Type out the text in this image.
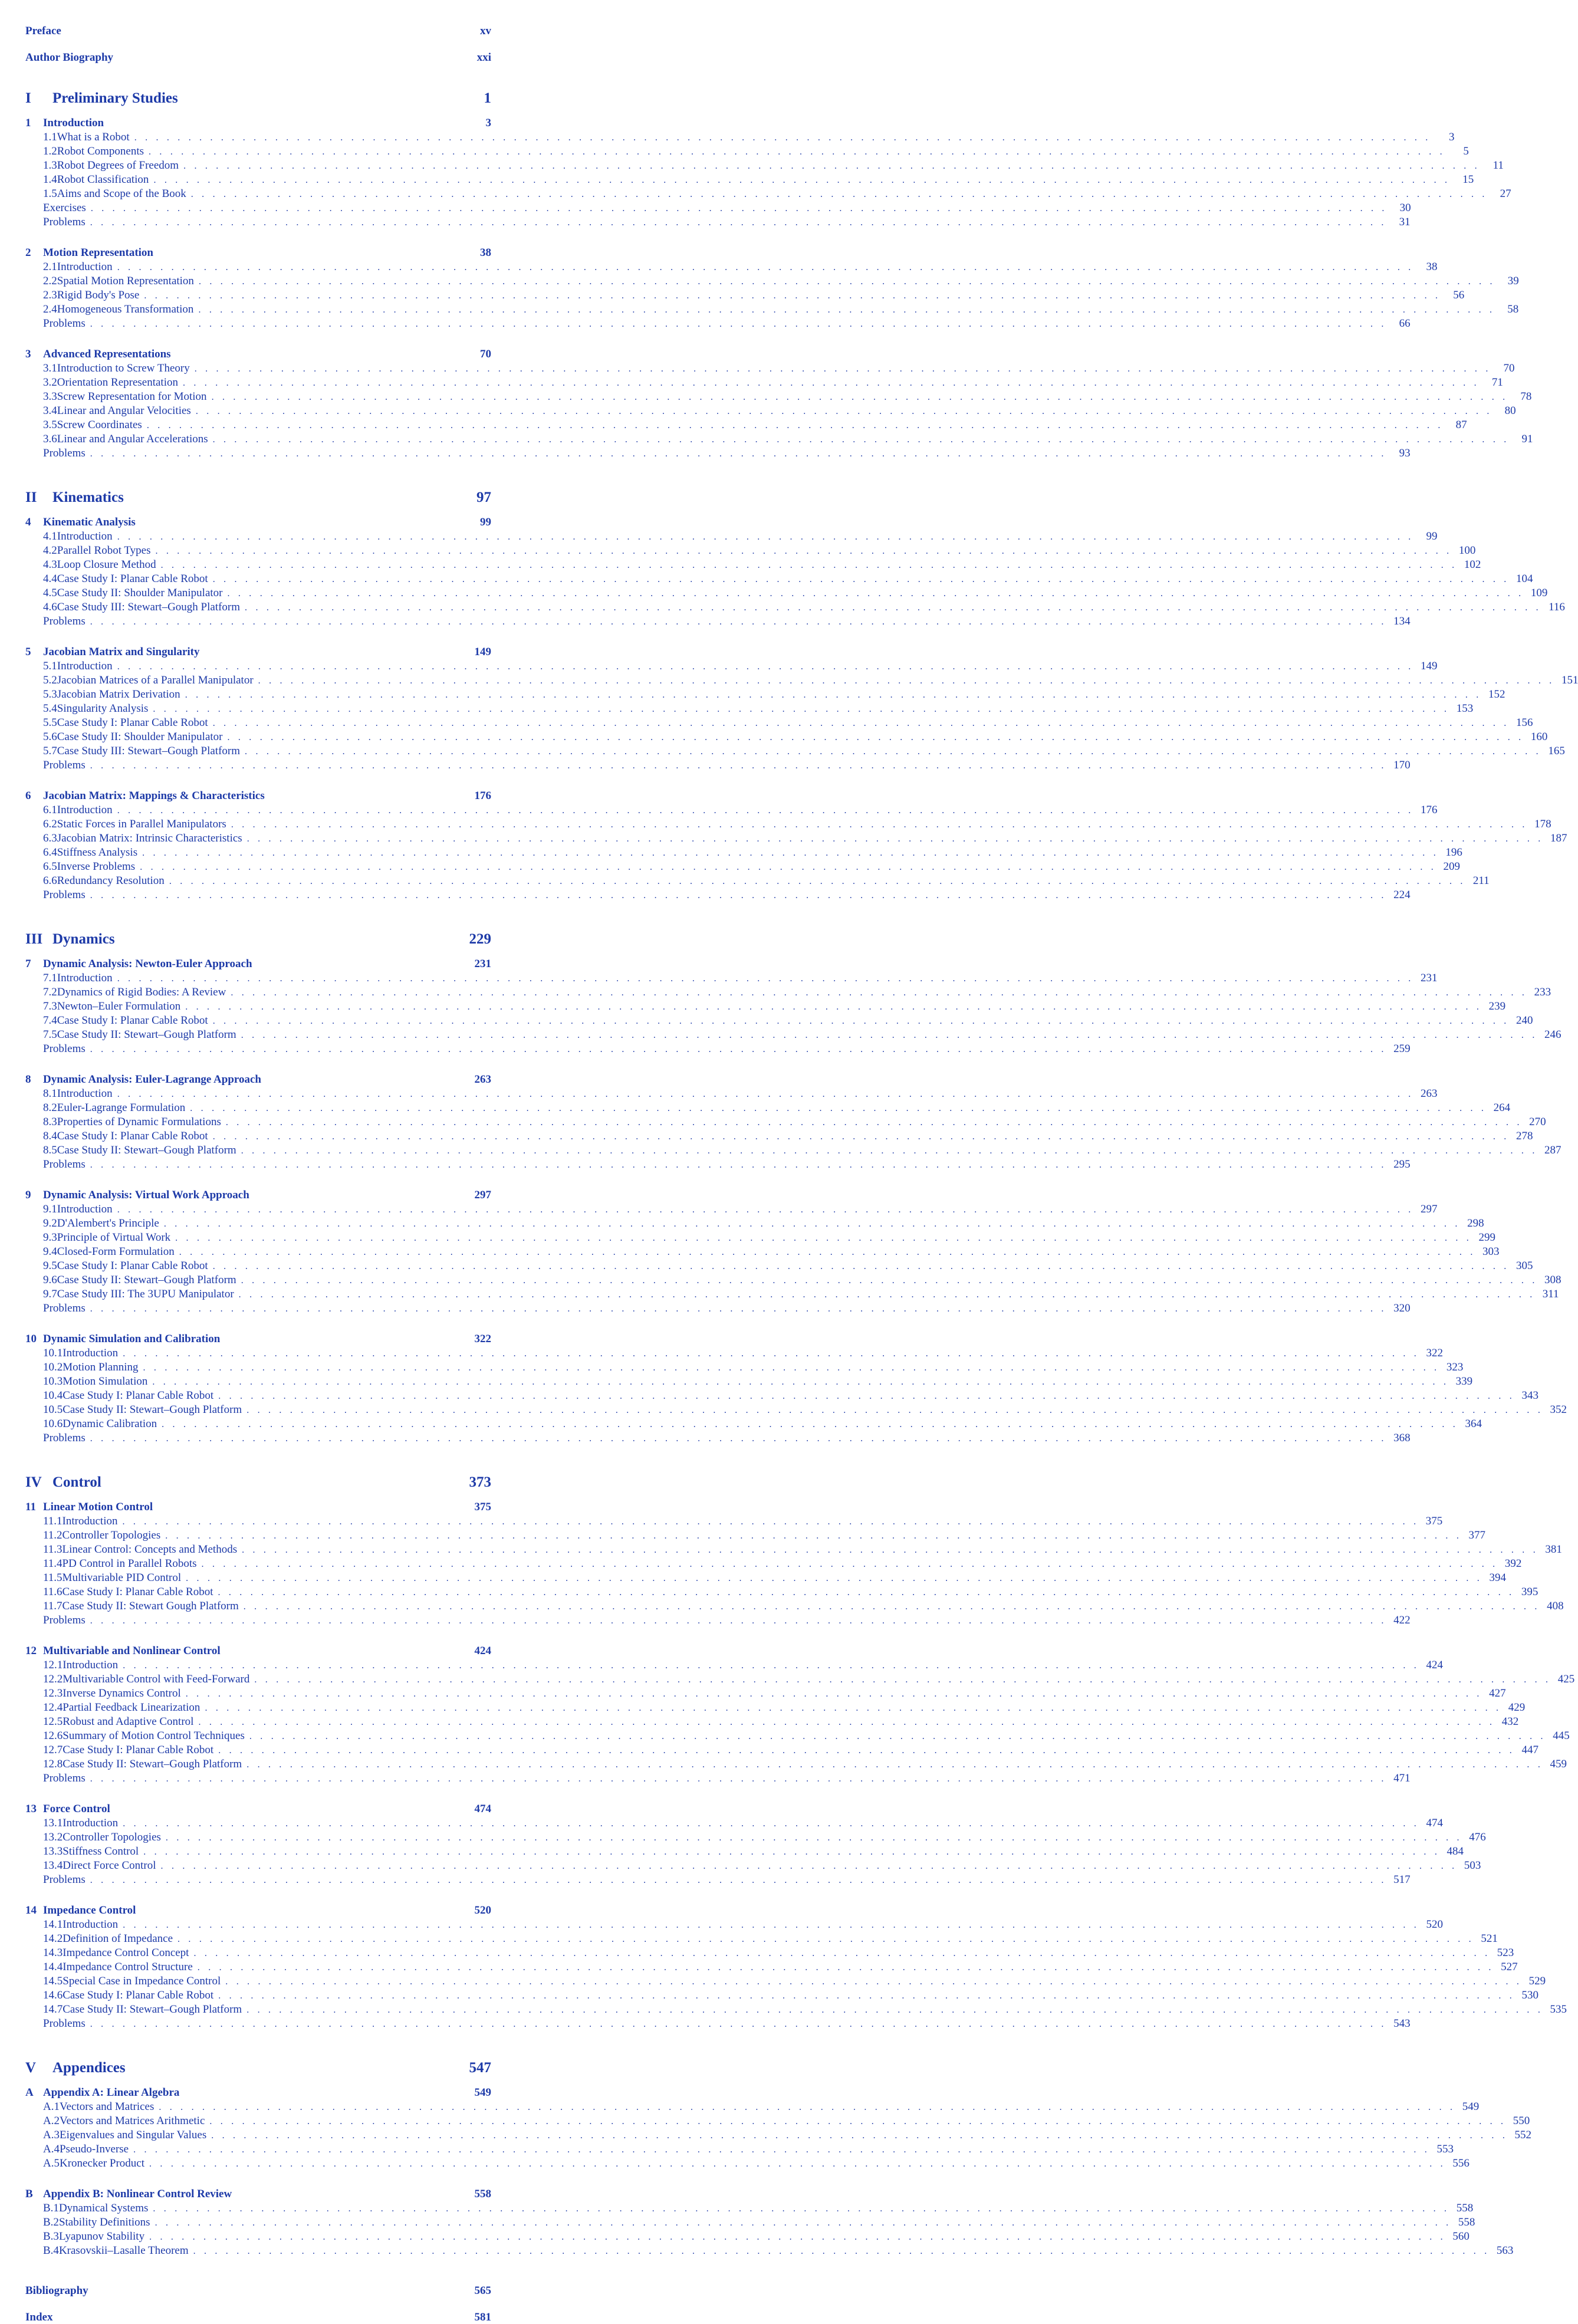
Preface	xv
Author Biography	xxi
I	Preliminary Studies	1
1	Introduction	3
1.1 What is a Robot . . . . . . . . . . . . . . . . . . . . . . . . . . . . . . . . . . . . . . . . . . . . . . . . . . . . . . . . . . . . . . . . . . . . . . . . . . . . . . . . . . . . . . . . . . . . . . . . . . . . . . . . . . . . . . . . . . . . . . . .	3
1.2 Robot Components . . . . . . . . . . . . . . . . . . . . . . . . . . . . . . . . . . . . . . . . . . . . . . . . . . . . . . . . . . . . . . . . . . . . . . . . . . . . . . . . . . . . . . . . . . . . . . . . . . . . . . . . . . . . . . . . . . . . . . . .	5
1.3 Robot Degrees of Freedom . . . . . . . . . . . . . . . . . . . . . . . . . . . . . . . . . . . . . . . . . . . . . . . . . . . . . . . . . . . . . . . . . . . . . . . . . . . . . . . . . . . . . . . . . . . . . . . . . . . . . . . . . . . . . . . . . . . . . . . .	11
1.4 Robot Classification . . . . . . . . . . . . . . . . . . . . . . . . . . . . . . . . . . . . . . . . . . . . . . . . . . . . . . . . . . . . . . . . . . . . . . . . . . . . . . . . . . . . . . . . . . . . . . . . . . . . . . . . . . . . . . . . . . . . . . . .	15
1.5 Aims and Scope of the Book . . . . . . . . . . . . . . . . . . . . . . . . . . . . . . . . . . . . . . . . . . . . . . . . . . . . . . . . . . . . . . . . . . . . . . . . . . . . . . . . . . . . . . . . . . . . . . . . . . . . . . . . . . . . . . . . . . . . . . . .	27
Exercises . . . . . . . . . . . . . . . . . . . . . . . . . . . . . . . . . . . . . . . . . . . . . . . . . . . . . . . . . . . . . . . . . . . . . . . . . . . . . . . . . . . . . . . . . . . . . . . . . . . . . . . . . . . . . . . . . . . . . . . .	30
Problems . . . . . . . . . . . . . . . . . . . . . . . . . . . . . . . . . . . . . . . . . . . . . . . . . . . . . . . . . . . . . . . . . . . . . . . . . . . . . . . . . . . . . . . . . . . . . . . . . . . . . . . . . . . . . . . . . . . . . . . .	31
2	Motion Representation	38
2.1 Introduction . . . . . . . . . . . . . . . . . . . . . . . . . . . . . . . . . . . . . . . . . . . . . . . . . . . . . . . . . . . . . . . . . . . . . . . . . . . . . . . . . . . . . . . . . . . . . . . . . . . . . . . . . . . . . . . . . . . . . . . .	38
2.2 Spatial Motion Representation . . . . . . . . . . . . . . . . . . . . . . . . . . . . . . . . . . . . . . . . . . . . . . . . . . . . . . . . . . . . . . . . . . . . . . . . . . . . . . . . . . . . . . . . . . . . . . . . . . . . . . . . . . . . . . . . . . . . . . . .	39
2.3 Rigid Body's Pose . . . . . . . . . . . . . . . . . . . . . . . . . . . . . . . . . . . . . . . . . . . . . . . . . . . . . . . . . . . . . . . . . . . . . . . . . . . . . . . . . . . . . . . . . . . . . . . . . . . . . . . . . . . . . . . . . . . . . . . .	56
2.4 Homogeneous Transformation . . . . . . . . . . . . . . . . . . . . . . . . . . . . . . . . . . . . . . . . . . . . . . . . . . . . . . . . . . . . . . . . . . . . . . . . . . . . . . . . . . . . . . . . . . . . . . . . . . . . . . . . . . . . . . . . . . . . . . . .	58
Problems . . . . . . . . . . . . . . . . . . . . . . . . . . . . . . . . . . . . . . . . . . . . . . . . . . . . . . . . . . . . . . . . . . . . . . . . . . . . . . . . . . . . . . . . . . . . . . . . . . . . . . . . . . . . . . . . . . . . . . . .	66
3	Advanced Representations	70
3.1 Introduction to Screw Theory . . . . . . . . . . . . . . . . . . . . . . . . . . . . . . . . . . . . . . . . . . . . . . . . . . . . . . . . . . . . . . . . . . . . . . . . . . . . . . . . . . . . . . . . . . . . . . . . . . . . . . . . . . . . . . . . . . . . . . . .	70
3.2 Orientation Representation . . . . . . . . . . . . . . . . . . . . . . . . . . . . . . . . . . . . . . . . . . . . . . . . . . . . . . . . . . . . . . . . . . . . . . . . . . . . . . . . . . . . . . . . . . . . . . . . . . . . . . . . . . . . . . . . . . . . . . . .	71
3.3 Screw Representation for Motion . . . . . . . . . . . . . . . . . . . . . . . . . . . . . . . . . . . . . . . . . . . . . . . . . . . . . . . . . . . . . . . . . . . . . . . . . . . . . . . . . . . . . . . . . . . . . . . . . . . . . . . . . . . . . . . . . . . . . . . .	78
3.4 Linear and Angular Velocities . . . . . . . . . . . . . . . . . . . . . . . . . . . . . . . . . . . . . . . . . . . . . . . . . . . . . . . . . . . . . . . . . . . . . . . . . . . . . . . . . . . . . . . . . . . . . . . . . . . . . . . . . . . . . . . . . . . . . . . .	80
3.5 Screw Coordinates . . . . . . . . . . . . . . . . . . . . . . . . . . . . . . . . . . . . . . . . . . . . . . . . . . . . . . . . . . . . . . . . . . . . . . . . . . . . . . . . . . . . . . . . . . . . . . . . . . . . . . . . . . . . . . . . . . . . . . . .	87
3.6 Linear and Angular Accelerations . . . . . . . . . . . . . . . . . . . . . . . . . . . . . . . . . . . . . . . . . . . . . . . . . . . . . . . . . . . . . . . . . . . . . . . . . . . . . . . . . . . . . . . . . . . . . . . . . . . . . . . . . . . . . . . . . . . . . . . .	91
Problems . . . . . . . . . . . . . . . . . . . . . . . . . . . . . . . . . . . . . . . . . . . . . . . . . . . . . . . . . . . . . . . . . . . . . . . . . . . . . . . . . . . . . . . . . . . . . . . . . . . . . . . . . . . . . . . . . . . . . . . .	93
II	Kinematics	97
4	Kinematic Analysis	99
4.1 Introduction . . . . . . . . . . . . . . . . . . . . . . . . . . . . . . . . . . . . . . . . . . . . . . . . . . . . . . . . . . . . . . . . . . . . . . . . . . . . . . . . . . . . . . . . . . . . . . . . . . . . . . . . . . . . . . . . . . . . . . . .	99
4.2 Parallel Robot Types . . . . . . . . . . . . . . . . . . . . . . . . . . . . . . . . . . . . . . . . . . . . . . . . . . . . . . . . . . . . . . . . . . . . . . . . . . . . . . . . . . . . . . . . . . . . . . . . . . . . . . . . . . . . . . . . . . . . . . . . 100
4.3 Loop Closure Method . . . . . . . . . . . . . . . . . . . . . . . . . . . . . . . . . . . . . . . . . . . . . . . . . . . . . . . . . . . . . . . . . . . . . . . . . . . . . . . . . . . . . . . . . . . . . . . . . . . . . . . . . . . . . . . . . . . . . . . . 102
4.4 Case Study I: Planar Cable Robot . . . . . . . . . . . . . . . . . . . . . . . . . . . . . . . . . . . . . . . . . . . . . . . . . . . . . . . . . . . . . . . . . . . . . . . . . . . . . . . . . . . . . . . . . . . . . . . . . . . . . . . . . . . . . . . . . . . . . . . . 104
4.5 Case Study II: Shoulder Manipulator . . . . . . . . . . . . . . . . . . . . . . . . . . . . . . . . . . . . . . . . . . . . . . . . . . . . . . . . . . . . . . . . . . . . . . . . . . . . . . . . . . . . . . . . . . . . . . . . . . . . . . . . . . . . . . . . . . . . . . . . 109
4.6 Case Study III: Stewart–Gough Platform . . . . . . . . . . . . . . . . . . . . . . . . . . . . . . . . . . . . . . . . . . . . . . . . . . . . . . . . . . . . . . . . . . . . . . . . . . . . . . . . . . . . . . . . . . . . . . . . . . . . . . . . . . . . . . . . . . . . . . . . 116
Problems . . . . . . . . . . . . . . . . . . . . . . . . . . . . . . . . . . . . . . . . . . . . . . . . . . . . . . . . . . . . . . . . . . . . . . . . . . . . . . . . . . . . . . . . . . . . . . . . . . . . . . . . . . . . . . . . . . . . . . . . 134
5	Jacobian Matrix and Singularity	149
5.1 Introduction . . . . . . . . . . . . . . . . . . . . . . . . . . . . . . . . . . . . . . . . . . . . . . . . . . . . . . . . . . . . . . . . . . . . . . . . . . . . . . . . . . . . . . . . . . . . . . . . . . . . . . . . . . . . . . . . . . . . . . . . 149
5.2 Jacobian Matrices of a Parallel Manipulator . . . . . . . . . . . . . . . . . . . . . . . . . . . . . . . . . . . . . . . . . . . . . . . . . . . . . . . . . . . . . . . . . . . . . . . . . . . . . . . . . . . . . . . . . . . . . . . . . . . . . . . . . . . . . . . . . . . . . . . . 151
5.3 Jacobian Matrix Derivation . . . . . . . . . . . . . . . . . . . . . . . . . . . . . . . . . . . . . . . . . . . . . . . . . . . . . . . . . . . . . . . . . . . . . . . . . . . . . . . . . . . . . . . . . . . . . . . . . . . . . . . . . . . . . . . . . . . . . . . . 152
5.4 Singularity Analysis . . . . . . . . . . . . . . . . . . . . . . . . . . . . . . . . . . . . . . . . . . . . . . . . . . . . . . . . . . . . . . . . . . . . . . . . . . . . . . . . . . . . . . . . . . . . . . . . . . . . . . . . . . . . . . . . . . . . . . . . 153
5.5 Case Study I: Planar Cable Robot . . . . . . . . . . . . . . . . . . . . . . . . . . . . . . . . . . . . . . . . . . . . . . . . . . . . . . . . . . . . . . . . . . . . . . . . . . . . . . . . . . . . . . . . . . . . . . . . . . . . . . . . . . . . . . . . . . . . . . . . 156
5.6 Case Study II: Shoulder Manipulator . . . . . . . . . . . . . . . . . . . . . . . . . . . . . . . . . . . . . . . . . . . . . . . . . . . . . . . . . . . . . . . . . . . . . . . . . . . . . . . . . . . . . . . . . . . . . . . . . . . . . . . . . . . . . . . . . . . . . . . . 160
5.7 Case Study III: Stewart–Gough Platform . . . . . . . . . . . . . . . . . . . . . . . . . . . . . . . . . . . . . . . . . . . . . . . . . . . . . . . . . . . . . . . . . . . . . . . . . . . . . . . . . . . . . . . . . . . . . . . . . . . . . . . . . . . . . . . . . . . . . . . . 165
Problems . . . . . . . . . . . . . . . . . . . . . . . . . . . . . . . . . . . . . . . . . . . . . . . . . . . . . . . . . . . . . . . . . . . . . . . . . . . . . . . . . . . . . . . . . . . . . . . . . . . . . . . . . . . . . . . . . . . . . . . . 170
6	Jacobian Matrix: Mappings & Characteristics	176
6.1 Introduction . . . . . . . . . . . . . . . . . . . . . . . . . . . . . . . . . . . . . . . . . . . . . . . . . . . . . . . . . . . . . . . . . . . . . . . . . . . . . . . . . . . . . . . . . . . . . . . . . . . . . . . . . . . . . . . . . . . . . . . . 176
6.2 Static Forces in Parallel Manipulators . . . . . . . . . . . . . . . . . . . . . . . . . . . . . . . . . . . . . . . . . . . . . . . . . . . . . . . . . . . . . . . . . . . . . . . . . . . . . . . . . . . . . . . . . . . . . . . . . . . . . . . . . . . . . . . . . . . . . . . . 178
6.3 Jacobian Matrix: Intrinsic Characteristics . . . . . . . . . . . . . . . . . . . . . . . . . . . . . . . . . . . . . . . . . . . . . . . . . . . . . . . . . . . . . . . . . . . . . . . . . . . . . . . . . . . . . . . . . . . . . . . . . . . . . . . . . . . . . . . . . . . . . . . . 187
6.4 Stiffness Analysis . . . . . . . . . . . . . . . . . . . . . . . . . . . . . . . . . . . . . . . . . . . . . . . . . . . . . . . . . . . . . . . . . . . . . . . . . . . . . . . . . . . . . . . . . . . . . . . . . . . . . . . . . . . . . . . . . . . . . . . . 196
6.5 Inverse Problems . . . . . . . . . . . . . . . . . . . . . . . . . . . . . . . . . . . . . . . . . . . . . . . . . . . . . . . . . . . . . . . . . . . . . . . . . . . . . . . . . . . . . . . . . . . . . . . . . . . . . . . . . . . . . . . . . . . . . . . . 209
6.6 Redundancy Resolution . . . . . . . . . . . . . . . . . . . . . . . . . . . . . . . . . . . . . . . . . . . . . . . . . . . . . . . . . . . . . . . . . . . . . . . . . . . . . . . . . . . . . . . . . . . . . . . . . . . . . . . . . . . . . . . . . . . . . . . . 211
Problems . . . . . . . . . . . . . . . . . . . . . . . . . . . . . . . . . . . . . . . . . . . . . . . . . . . . . . . . . . . . . . . . . . . . . . . . . . . . . . . . . . . . . . . . . . . . . . . . . . . . . . . . . . . . . . . . . . . . . . . . 224
III Dynamics	229
7	Dynamic Analysis: Newton-Euler Approach	231
7.1 Introduction . . . . . . . . . . . . . . . . . . . . . . . . . . . . . . . . . . . . . . . . . . . . . . . . . . . . . . . . . . . . . . . . . . . . . . . . . . . . . . . . . . . . . . . . . . . . . . . . . . . . . . . . . . . . . . . . . . . . . . . . 231
7.2 Dynamics of Rigid Bodies: A Review . . . . . . . . . . . . . . . . . . . . . . . . . . . . . . . . . . . . . . . . . . . . . . . . . . . . . . . . . . . . . . . . . . . . . . . . . . . . . . . . . . . . . . . . . . . . . . . . . . . . . . . . . . . . . . . . . . . . . . . . 233
7.3 Newton–Euler Formulation . . . . . . . . . . . . . . . . . . . . . . . . . . . . . . . . . . . . . . . . . . . . . . . . . . . . . . . . . . . . . . . . . . . . . . . . . . . . . . . . . . . . . . . . . . . . . . . . . . . . . . . . . . . . . . . . . . . . . . . . 239
7.4 Case Study I: Planar Cable Robot . . . . . . . . . . . . . . . . . . . . . . . . . . . . . . . . . . . . . . . . . . . . . . . . . . . . . . . . . . . . . . . . . . . . . . . . . . . . . . . . . . . . . . . . . . . . . . . . . . . . . . . . . . . . . . . . . . . . . . . . 240
7.5 Case Study II: Stewart–Gough Platform . . . . . . . . . . . . . . . . . . . . . . . . . . . . . . . . . . . . . . . . . . . . . . . . . . . . . . . . . . . . . . . . . . . . . . . . . . . . . . . . . . . . . . . . . . . . . . . . . . . . . . . . . . . . . . . . . . . . . . . . 246
Problems . . . . . . . . . . . . . . . . . . . . . . . . . . . . . . . . . . . . . . . . . . . . . . . . . . . . . . . . . . . . . . . . . . . . . . . . . . . . . . . . . . . . . . . . . . . . . . . . . . . . . . . . . . . . . . . . . . . . . . . . 259
8	Dynamic Analysis: Euler-Lagrange Approach	263
8.1 Introduction . . . . . . . . . . . . . . . . . . . . . . . . . . . . . . . . . . . . . . . . . . . . . . . . . . . . . . . . . . . . . . . . . . . . . . . . . . . . . . . . . . . . . . . . . . . . . . . . . . . . . . . . . . . . . . . . . . . . . . . . 263
8.2 Euler-Lagrange Formulation . . . . . . . . . . . . . . . . . . . . . . . . . . . . . . . . . . . . . . . . . . . . . . . . . . . . . . . . . . . . . . . . . . . . . . . . . . . . . . . . . . . . . . . . . . . . . . . . . . . . . . . . . . . . . . . . . . . . . . . . 264
8.3 Properties of Dynamic Formulations . . . . . . . . . . . . . . . . . . . . . . . . . . . . . . . . . . . . . . . . . . . . . . . . . . . . . . . . . . . . . . . . . . . . . . . . . . . . . . . . . . . . . . . . . . . . . . . . . . . . . . . . . . . . . . . . . . . . . . . . 270
8.4 Case Study I: Planar Cable Robot . . . . . . . . . . . . . . . . . . . . . . . . . . . . . . . . . . . . . . . . . . . . . . . . . . . . . . . . . . . . . . . . . . . . . . . . . . . . . . . . . . . . . . . . . . . . . . . . . . . . . . . . . . . . . . . . . . . . . . . . 278
8.5 Case Study II: Stewart–Gough Platform . . . . . . . . . . . . . . . . . . . . . . . . . . . . . . . . . . . . . . . . . . . . . . . . . . . . . . . . . . . . . . . . . . . . . . . . . . . . . . . . . . . . . . . . . . . . . . . . . . . . . . . . . . . . . . . . . . . . . . . . 287
Problems . . . . . . . . . . . . . . . . . . . . . . . . . . . . . . . . . . . . . . . . . . . . . . . . . . . . . . . . . . . . . . . . . . . . . . . . . . . . . . . . . . . . . . . . . . . . . . . . . . . . . . . . . . . . . . . . . . . . . . . . 295
9	Dynamic Analysis: Virtual Work Approach	297
9.1 Introduction . . . . . . . . . . . . . . . . . . . . . . . . . . . . . . . . . . . . . . . . . . . . . . . . . . . . . . . . . . . . . . . . . . . . . . . . . . . . . . . . . . . . . . . . . . . . . . . . . . . . . . . . . . . . . . . . . . . . . . . . 297
9.2 D'Alembert's Principle . . . . . . . . . . . . . . . . . . . . . . . . . . . . . . . . . . . . . . . . . . . . . . . . . . . . . . . . . . . . . . . . . . . . . . . . . . . . . . . . . . . . . . . . . . . . . . . . . . . . . . . . . . . . . . . . . . . . . . . . 298
9.3 Principle of Virtual Work . . . . . . . . . . . . . . . . . . . . . . . . . . . . . . . . . . . . . . . . . . . . . . . . . . . . . . . . . . . . . . . . . . . . . . . . . . . . . . . . . . . . . . . . . . . . . . . . . . . . . . . . . . . . . . . . . . . . . . . . 299
9.4 Closed-Form Formulation . . . . . . . . . . . . . . . . . . . . . . . . . . . . . . . . . . . . . . . . . . . . . . . . . . . . . . . . . . . . . . . . . . . . . . . . . . . . . . . . . . . . . . . . . . . . . . . . . . . . . . . . . . . . . . . . . . . . . . . . 303
9.5 Case Study I: Planar Cable Robot . . . . . . . . . . . . . . . . . . . . . . . . . . . . . . . . . . . . . . . . . . . . . . . . . . . . . . . . . . . . . . . . . . . . . . . . . . . . . . . . . . . . . . . . . . . . . . . . . . . . . . . . . . . . . . . . . . . . . . . . 305
9.6 Case Study II: Stewart–Gough Platform . . . . . . . . . . . . . . . . . . . . . . . . . . . . . . . . . . . . . . . . . . . . . . . . . . . . . . . . . . . . . . . . . . . . . . . . . . . . . . . . . . . . . . . . . . . . . . . . . . . . . . . . . . . . . . . . . . . . . . . . 308
9.7 Case Study III: The 3UPU Manipulator . . . . . . . . . . . . . . . . . . . . . . . . . . . . . . . . . . . . . . . . . . . . . . . . . . . . . . . . . . . . . . . . . . . . . . . . . . . . . . . . . . . . . . . . . . . . . . . . . . . . . . . . . . . . . . . . . . . . . . . . 311
Problems . . . . . . . . . . . . . . . . . . . . . . . . . . . . . . . . . . . . . . . . . . . . . . . . . . . . . . . . . . . . . . . . . . . . . . . . . . . . . . . . . . . . . . . . . . . . . . . . . . . . . . . . . . . . . . . . . . . . . . . . 320
10 Dynamic Simulation and Calibration	322
10.1 Introduction . . . . . . . . . . . . . . . . . . . . . . . . . . . . . . . . . . . . . . . . . . . . . . . . . . . . . . . . . . . . . . . . . . . . . . . . . . . . . . . . . . . . . . . . . . . . . . . . . . . . . . . . . . . . . . . . . . . . . . . . 322
10.2 Motion Planning . . . . . . . . . . . . . . . . . . . . . . . . . . . . . . . . . . . . . . . . . . . . . . . . . . . . . . . . . . . . . . . . . . . . . . . . . . . . . . . . . . . . . . . . . . . . . . . . . . . . . . . . . . . . . . . . . . . . . . . . 323
10.3 Motion Simulation . . . . . . . . . . . . . . . . . . . . . . . . . . . . . . . . . . . . . . . . . . . . . . . . . . . . . . . . . . . . . . . . . . . . . . . . . . . . . . . . . . . . . . . . . . . . . . . . . . . . . . . . . . . . . . . . . . . . . . . . 339
10.4 Case Study I: Planar Cable Robot . . . . . . . . . . . . . . . . . . . . . . . . . . . . . . . . . . . . . . . . . . . . . . . . . . . . . . . . . . . . . . . . . . . . . . . . . . . . . . . . . . . . . . . . . . . . . . . . . . . . . . . . . . . . . . . . . . . . . . . . 343
10.5 Case Study II: Stewart–Gough Platform . . . . . . . . . . . . . . . . . . . . . . . . . . . . . . . . . . . . . . . . . . . . . . . . . . . . . . . . . . . . . . . . . . . . . . . . . . . . . . . . . . . . . . . . . . . . . . . . . . . . . . . . . . . . . . . . . . . . . . . . 352
10.6 Dynamic Calibration . . . . . . . . . . . . . . . . . . . . . . . . . . . . . . . . . . . . . . . . . . . . . . . . . . . . . . . . . . . . . . . . . . . . . . . . . . . . . . . . . . . . . . . . . . . . . . . . . . . . . . . . . . . . . . . . . . . . . . . . 364
Problems . . . . . . . . . . . . . . . . . . . . . . . . . . . . . . . . . . . . . . . . . . . . . . . . . . . . . . . . . . . . . . . . . . . . . . . . . . . . . . . . . . . . . . . . . . . . . . . . . . . . . . . . . . . . . . . . . . . . . . . . 368
IV Control	373
11 Linear Motion Control	375
11.1 Introduction . . . . . . . . . . . . . . . . . . . . . . . . . . . . . . . . . . . . . . . . . . . . . . . . . . . . . . . . . . . . . . . . . . . . . . . . . . . . . . . . . . . . . . . . . . . . . . . . . . . . . . . . . . . . . . . . . . . . . . . . 375
11.2 Controller Topologies . . . . . . . . . . . . . . . . . . . . . . . . . . . . . . . . . . . . . . . . . . . . . . . . . . . . . . . . . . . . . . . . . . . . . . . . . . . . . . . . . . . . . . . . . . . . . . . . . . . . . . . . . . . . . . . . . . . . . . . . 377
11.3 Linear Control: Concepts and Methods . . . . . . . . . . . . . . . . . . . . . . . . . . . . . . . . . . . . . . . . . . . . . . . . . . . . . . . . . . . . . . . . . . . . . . . . . . . . . . . . . . . . . . . . . . . . . . . . . . . . . . . . . . . . . . . . . . . . . . . . 381
11.4 PD Control in Parallel Robots . . . . . . . . . . . . . . . . . . . . . . . . . . . . . . . . . . . . . . . . . . . . . . . . . . . . . . . . . . . . . . . . . . . . . . . . . . . . . . . . . . . . . . . . . . . . . . . . . . . . . . . . . . . . . . . . . . . . . . . . 392
11.5 Multivariable PID Control . . . . . . . . . . . . . . . . . . . . . . . . . . . . . . . . . . . . . . . . . . . . . . . . . . . . . . . . . . . . . . . . . . . . . . . . . . . . . . . . . . . . . . . . . . . . . . . . . . . . . . . . . . . . . . . . . . . . . . . . 394
11.6 Case Study I: Planar Cable Robot . . . . . . . . . . . . . . . . . . . . . . . . . . . . . . . . . . . . . . . . . . . . . . . . . . . . . . . . . . . . . . . . . . . . . . . . . . . . . . . . . . . . . . . . . . . . . . . . . . . . . . . . . . . . . . . . . . . . . . . . 395
11.7 Case Study II: Stewart Gough Platform . . . . . . . . . . . . . . . . . . . . . . . . . . . . . . . . . . . . . . . . . . . . . . . . . . . . . . . . . . . . . . . . . . . . . . . . . . . . . . . . . . . . . . . . . . . . . . . . . . . . . . . . . . . . . . . . . . . . . . . . 408
Problems . . . . . . . . . . . . . . . . . . . . . . . . . . . . . . . . . . . . . . . . . . . . . . . . . . . . . . . . . . . . . . . . . . . . . . . . . . . . . . . . . . . . . . . . . . . . . . . . . . . . . . . . . . . . . . . . . . . . . . . . 422
12 Multivariable and Nonlinear Control	424
12.1 Introduction . . . . . . . . . . . . . . . . . . . . . . . . . . . . . . . . . . . . . . . . . . . . . . . . . . . . . . . . . . . . . . . . . . . . . . . . . . . . . . . . . . . . . . . . . . . . . . . . . . . . . . . . . . . . . . . . . . . . . . . . 424
12.2 Multivariable Control with Feed-Forward . . . . . . . . . . . . . . . . . . . . . . . . . . . . . . . . . . . . . . . . . . . . . . . . . . . . . . . . . . . . . . . . . . . . . . . . . . . . . . . . . . . . . . . . . . . . . . . . . . . . . . . . . . . . . . . . . . . . . . . . 425
12.3 Inverse Dynamics Control . . . . . . . . . . . . . . . . . . . . . . . . . . . . . . . . . . . . . . . . . . . . . . . . . . . . . . . . . . . . . . . . . . . . . . . . . . . . . . . . . . . . . . . . . . . . . . . . . . . . . . . . . . . . . . . . . . . . . . . . 427
12.4 Partial Feedback Linearization . . . . . . . . . . . . . . . . . . . . . . . . . . . . . . . . . . . . . . . . . . . . . . . . . . . . . . . . . . . . . . . . . . . . . . . . . . . . . . . . . . . . . . . . . . . . . . . . . . . . . . . . . . . . . . . . . . . . . . . . 429
12.5 Robust and Adaptive Control . . . . . . . . . . . . . . . . . . . . . . . . . . . . . . . . . . . . . . . . . . . . . . . . . . . . . . . . . . . . . . . . . . . . . . . . . . . . . . . . . . . . . . . . . . . . . . . . . . . . . . . . . . . . . . . . . . . . . . . . 432
12.6 Summary of Motion Control Techniques . . . . . . . . . . . . . . . . . . . . . . . . . . . . . . . . . . . . . . . . . . . . . . . . . . . . . . . . . . . . . . . . . . . . . . . . . . . . . . . . . . . . . . . . . . . . . . . . . . . . . . . . . . . . . . . . . . . . . . . . 445
12.7 Case Study I: Planar Cable Robot . . . . . . . . . . . . . . . . . . . . . . . . . . . . . . . . . . . . . . . . . . . . . . . . . . . . . . . . . . . . . . . . . . . . . . . . . . . . . . . . . . . . . . . . . . . . . . . . . . . . . . . . . . . . . . . . . . . . . . . . 447
12.8 Case Study II: Stewart–Gough Platform . . . . . . . . . . . . . . . . . . . . . . . . . . . . . . . . . . . . . . . . . . . . . . . . . . . . . . . . . . . . . . . . . . . . . . . . . . . . . . . . . . . . . . . . . . . . . . . . . . . . . . . . . . . . . . . . . . . . . . . . 459
Problems . . . . . . . . . . . . . . . . . . . . . . . . . . . . . . . . . . . . . . . . . . . . . . . . . . . . . . . . . . . . . . . . . . . . . . . . . . . . . . . . . . . . . . . . . . . . . . . . . . . . . . . . . . . . . . . . . . . . . . . . 471
13 Force Control	474
13.1 Introduction . . . . . . . . . . . . . . . . . . . . . . . . . . . . . . . . . . . . . . . . . . . . . . . . . . . . . . . . . . . . . . . . . . . . . . . . . . . . . . . . . . . . . . . . . . . . . . . . . . . . . . . . . . . . . . . . . . . . . . . . 474
13.2 Controller Topologies . . . . . . . . . . . . . . . . . . . . . . . . . . . . . . . . . . . . . . . . . . . . . . . . . . . . . . . . . . . . . . . . . . . . . . . . . . . . . . . . . . . . . . . . . . . . . . . . . . . . . . . . . . . . . . . . . . . . . . . . 476
13.3 Stiffness Control . . . . . . . . . . . . . . . . . . . . . . . . . . . . . . . . . . . . . . . . . . . . . . . . . . . . . . . . . . . . . . . . . . . . . . . . . . . . . . . . . . . . . . . . . . . . . . . . . . . . . . . . . . . . . . . . . . . . . . . . 484
13.4 Direct Force Control . . . . . . . . . . . . . . . . . . . . . . . . . . . . . . . . . . . . . . . . . . . . . . . . . . . . . . . . . . . . . . . . . . . . . . . . . . . . . . . . . . . . . . . . . . . . . . . . . . . . . . . . . . . . . . . . . . . . . . . . 503
Problems . . . . . . . . . . . . . . . . . . . . . . . . . . . . . . . . . . . . . . . . . . . . . . . . . . . . . . . . . . . . . . . . . . . . . . . . . . . . . . . . . . . . . . . . . . . . . . . . . . . . . . . . . . . . . . . . . . . . . . . . 517
14 Impedance Control	520
14.1 Introduction . . . . . . . . . . . . . . . . . . . . . . . . . . . . . . . . . . . . . . . . . . . . . . . . . . . . . . . . . . . . . . . . . . . . . . . . . . . . . . . . . . . . . . . . . . . . . . . . . . . . . . . . . . . . . . . . . . . . . . . . 520
14.2 Definition of Impedance . . . . . . . . . . . . . . . . . . . . . . . . . . . . . . . . . . . . . . . . . . . . . . . . . . . . . . . . . . . . . . . . . . . . . . . . . . . . . . . . . . . . . . . . . . . . . . . . . . . . . . . . . . . . . . . . . . . . . . . . 521
14.3 Impedance Control Concept . . . . . . . . . . . . . . . . . . . . . . . . . . . . . . . . . . . . . . . . . . . . . . . . . . . . . . . . . . . . . . . . . . . . . . . . . . . . . . . . . . . . . . . . . . . . . . . . . . . . . . . . . . . . . . . . . . . . . . . . 523
14.4 Impedance Control Structure . . . . . . . . . . . . . . . . . . . . . . . . . . . . . . . . . . . . . . . . . . . . . . . . . . . . . . . . . . . . . . . . . . . . . . . . . . . . . . . . . . . . . . . . . . . . . . . . . . . . . . . . . . . . . . . . . . . . . . . . 527
14.5 Special Case in Impedance Control . . . . . . . . . . . . . . . . . . . . . . . . . . . . . . . . . . . . . . . . . . . . . . . . . . . . . . . . . . . . . . . . . . . . . . . . . . . . . . . . . . . . . . . . . . . . . . . . . . . . . . . . . . . . . . . . . . . . . . . . 529
14.6 Case Study I: Planar Cable Robot . . . . . . . . . . . . . . . . . . . . . . . . . . . . . . . . . . . . . . . . . . . . . . . . . . . . . . . . . . . . . . . . . . . . . . . . . . . . . . . . . . . . . . . . . . . . . . . . . . . . . . . . . . . . . . . . . . . . . . . . 530
14.7 Case Study II: Stewart–Gough Platform . . . . . . . . . . . . . . . . . . . . . . . . . . . . . . . . . . . . . . . . . . . . . . . . . . . . . . . . . . . . . . . . . . . . . . . . . . . . . . . . . . . . . . . . . . . . . . . . . . . . . . . . . . . . . . . . . . . . . . . . 535
Problems . . . . . . . . . . . . . . . . . . . . . . . . . . . . . . . . . . . . . . . . . . . . . . . . . . . . . . . . . . . . . . . . . . . . . . . . . . . . . . . . . . . . . . . . . . . . . . . . . . . . . . . . . . . . . . . . . . . . . . . . 543
V	Appendices	547
A Appendix A: Linear Algebra	549
A.1 Vectors and Matrices . . . . . . . . . . . . . . . . . . . . . . . . . . . . . . . . . . . . . . . . . . . . . . . . . . . . . . . . . . . . . . . . . . . . . . . . . . . . . . . . . . . . . . . . . . . . . . . . . . . . . . . . . . . . . . . . . . . . . . . . 549
A.2 Vectors and Matrices Arithmetic . . . . . . . . . . . . . . . . . . . . . . . . . . . . . . . . . . . . . . . . . . . . . . . . . . . . . . . . . . . . . . . . . . . . . . . . . . . . . . . . . . . . . . . . . . . . . . . . . . . . . . . . . . . . . . . . . . . . . . . . 550
A.3 Eigenvalues and Singular Values . . . . . . . . . . . . . . . . . . . . . . . . . . . . . . . . . . . . . . . . . . . . . . . . . . . . . . . . . . . . . . . . . . . . . . . . . . . . . . . . . . . . . . . . . . . . . . . . . . . . . . . . . . . . . . . . . . . . . . . . 552
A.4 Pseudo-Inverse . . . . . . . . . . . . . . . . . . . . . . . . . . . . . . . . . . . . . . . . . . . . . . . . . . . . . . . . . . . . . . . . . . . . . . . . . . . . . . . . . . . . . . . . . . . . . . . . . . . . . . . . . . . . . . . . . . . . . . . . 553
A.5 Kronecker Product . . . . . . . . . . . . . . . . . . . . . . . . . . . . . . . . . . . . . . . . . . . . . . . . . . . . . . . . . . . . . . . . . . . . . . . . . . . . . . . . . . . . . . . . . . . . . . . . . . . . . . . . . . . . . . . . . . . . . . . . 556
B Appendix B: Nonlinear Control Review	558
B.1 Dynamical Systems . . . . . . . . . . . . . . . . . . . . . . . . . . . . . . . . . . . . . . . . . . . . . . . . . . . . . . . . . . . . . . . . . . . . . . . . . . . . . . . . . . . . . . . . . . . . . . . . . . . . . . . . . . . . . . . . . . . . . . . . 558
B.2 Stability Definitions . . . . . . . . . . . . . . . . . . . . . . . . . . . . . . . . . . . . . . . . . . . . . . . . . . . . . . . . . . . . . . . . . . . . . . . . . . . . . . . . . . . . . . . . . . . . . . . . . . . . . . . . . . . . . . . . . . . . . . . . 558
B.3 Lyapunov Stability . . . . . . . . . . . . . . . . . . . . . . . . . . . . . . . . . . . . . . . . . . . . . . . . . . . . . . . . . . . . . . . . . . . . . . . . . . . . . . . . . . . . . . . . . . . . . . . . . . . . . . . . . . . . . . . . . . . . . . . . 560
B.4 Krasovskii–Lasalle Theorem . . . . . . . . . . . . . . . . . . . . . . . . . . . . . . . . . . . . . . . . . . . . . . . . . . . . . . . . . . . . . . . . . . . . . . . . . . . . . . . . . . . . . . . . . . . . . . . . . . . . . . . . . . . . . . . . . . . . . . . . 563
Bibliography	565
Index	581
